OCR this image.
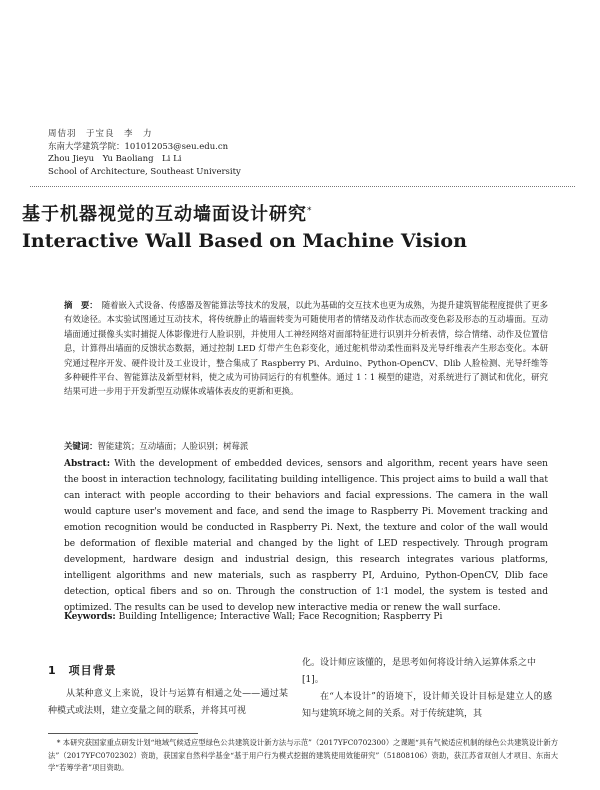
周佶羽　于宝良　李　力
东南大学建筑学院：101012053@seu.edu.cn
Zhou Jieyu　Yu Baoliang　Li Li
School of Architecture, Southeast University
基于机器视觉的互动墙面设计研究*
Interactive Wall Based on Machine Vision
摘　要： 随着嵌入式设备、传感器及智能算法等技术的发展，以此为基础的交互技术也更为成熟，为提升建筑智能程度提供了更多有效途径。本实验试图通过互动技术，将传统静止的墙面转变为可随使用者的情绪及动作状态而改变色彩及形态的互动墙面。互动墙面通过摄像头实时捕捉人体影像进行人脸识别，并使用人工神经网络对面部特征进行识别并分析表情，综合情绪、动作及位置信息，计算得出墙面的反馈状态数据，通过控制 LED 灯带产生色彩变化，通过舵机带动柔性面料及光导纤维表产生形态变化。本研究通过程序开发、硬件设计及工业设计，整合集成了 Raspberry Pi、Arduino、Python-OpenCV、Dlib 人脸检测、光导纤维等多种硬件平台、智能算法及新型材料，使之成为可协同运行的有机整体。通过 1∶1 模型的建造，对系统进行了测试和优化，研究结果可进一步用于开发新型互动媒体或墙体表皮的更新和更换。
关键词：智能建筑；互动墙面；人脸识别；树莓派
Abstract: With the development of embedded devices, sensors and algorithm, recent years have seen the boost in interaction technology, facilitating building intelligence. This project aims to build a wall that can interact with people according to their behaviors and facial expressions. The camera in the wall would capture user's movement and face, and send the image to Raspberry Pi. Movement tracking and emotion recognition would be conducted in Raspberry Pi. Next, the texture and color of the wall would be deformation of flexible material and changed by the light of LED respectively. Through program development, hardware design and industrial design, this research integrates various platforms, intelligent algorithms and new materials, such as raspberry PI, Arduino, Python-OpenCV, Dlib face detection, optical fibers and so on. Through the construction of 1∶1 model, the system is tested and optimized. The results can be used to develop new interactive media or renew the wall surface.
Keywords: Building Intelligence; Interactive Wall; Face Recognition; Raspberry Pi
1　项目背景
从某种意义上来说，设计与运算有相通之处——通过某种模式或法则，建立变量之间的联系，并将其可视
化。设计师应该懂的，是思考如何将设计纳入运算体系之中[1]。
在“人本设计”的语境下，设计师关设计目标是建立人的感知与建筑环境之间的关系。对于传统建筑，其
* 本研究获国家重点研发计划“地域气候适应型绿色公共建筑设计新方法与示范”（2017YFC0702300）之课题“具有气候适应机制的绿色公共建筑设计新方法”（2017YFC0702302）资助，获国家自然科学基金“基于用户行为模式挖掘的建筑使用效能研究”（51808106）资助，获江苏省双创人才项目、东南大学“若筹学者”项目资助。
